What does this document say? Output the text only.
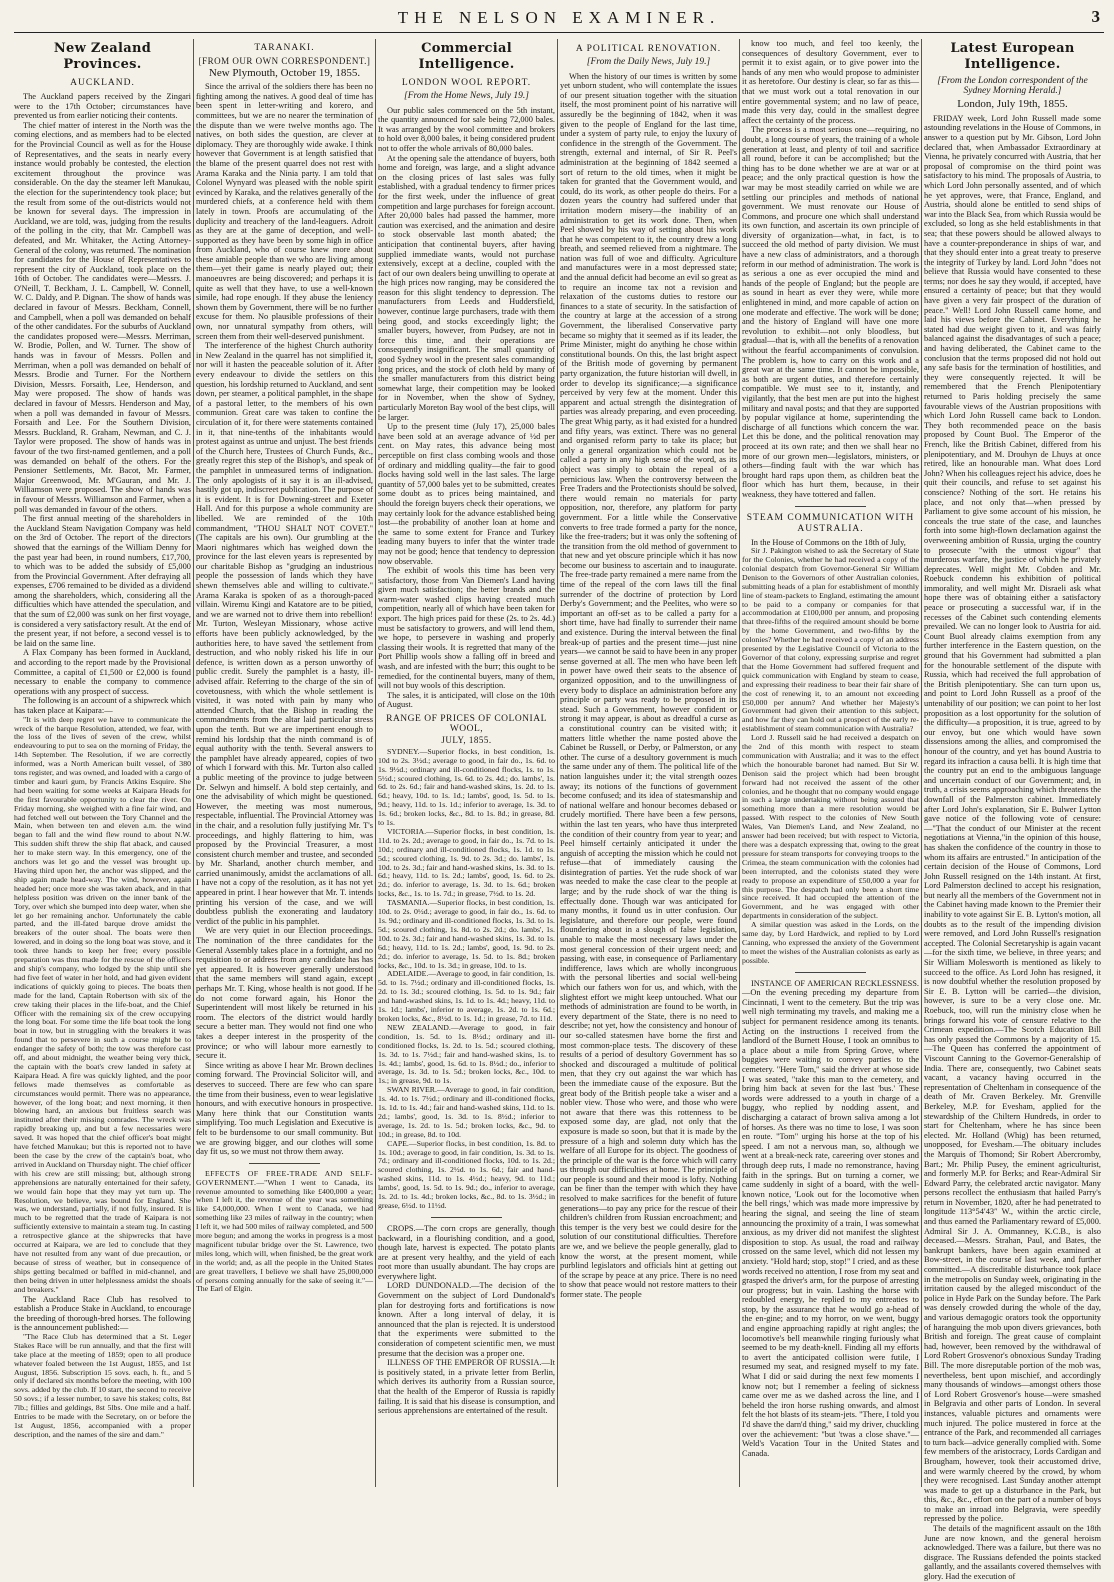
THE NELSON EXAMINER.	3
New Zealand Provinces.
AUCKLAND.

The Auckland papers received by the Zingari were to the 17th October; circumstances have prevented us from earlier noticing their contents.

The chief matter of interest in the North was the coming elections, and as members had to be elected for the Provincial Council as well as for the House of Representatives, and the seats in nearly every instance would probably be contested, the election excitement throughout the province was considerable. On the day the steamer left Manukau, the election for the superintendency took place; but the result from some of the out-districts would not be known for several days. The impression in Auckland, we are told, was, judging from the results of the polling in the city, that Mr. Campbell was defeated, and Mr. Whitaker, the Acting Attorney-General of the colony, was returned. The nomination for candidates for the House of Representatives to represent the city of Auckland, took place on the 16th of October. The candidates were—Messrs. J. O'Neill, T. Beckham, J. L. Campbell, W. Connell, W. C. Daldy, and P. Dignan. The show of hands was declared in favour of Messrs. Beckham, Connell, and Campbell, when a poll was demanded on behalf of the other candidates. For the suburbs of Auckland the candidates proposed were—Messrs. Merriman, W. Brodie, Pollen, and W. Turner. The show of hands was in favour of Messrs. Pollen and Merriman, when a poll was demanded on behalf of Messrs. Brodie and Turner. For the Northern Division, Messrs. Forsaith, Lee, Henderson, and May were proposed. The show of hands was declared in favour of Messrs. Henderson and May, when a poll was demanded in favour of Messrs. Forsaith and Lee. For the Southern Division, Messrs. Buckland, R. Graham, Newman, and C. J. Taylor were proposed. The show of hands was in favour of the two first-named gentlemen, and a poll was demanded on behalf of the others. For the Pensioner Settlements, Mr. Bacot, Mr. Farmer, Major Greenwood, Mr. M'Gauran, and Mr. J. Williamson were proposed. The show of hands was in favour of Messrs. Williamson and Farmer, when a poll was demanded in favour of the others.

The first annual meeting of the shareholders in the Auckland Steam Navigation Company was held on the 3rd of October. The report of the directors showed that the earnings of the William Denny for the past year had been, in round numbers, £17,700, to which was to be added the subsidy of £5,000 from the Provincial Government. After defraying all expenses, £706 remained to be divided as a dividend among the shareholders, which, considering all the difficulties which have attended the speculation, and that the sum of £2,000 was sunk on her first voyage, is considered a very satisfactory result. At the end of the present year, if not before, a second vessel is to be laid on the same line.

A Flax Company has been formed in Auckland, and according to the report made by the Provisional Committee, a capital of £1,500 or £2,000 is found necessary to enable the company to commence operations with any prospect of success.

The following is an account of a shipwreck which has taken place at Kaipara:—

"It is with deep regret we have to communicate the wreck of the barque Resolution, attended, we fear, with the loss of the lives of seven of the crew, whilst endeavouring to put to sea on the morning of Friday, the 14th September. The Resolution, if we are correctly informed, was a North American built vessel, of 380 tons register, and was owned, and loaded with a cargo of timber and kauri gum, by Francis Atkins Esquire. She had been waiting for some weeks at Kaipara Heads for the first favourable opportunity to clear the river. On Friday morning, she weighed with a fine fair wind, and had fetched well out between the Tory Channel and the Main, when between ten and eleven a.m. the wind began to fall and the wind flew round to about N.W. This sudden shift threw the ship flat aback, and caused her to make stern way. In this emergency, one of the anchors was let go and the vessel was brought up. Having third upon her, the anchor was slipped, and the ship again made head-way. The wind, however, again headed her; once more she was taken aback, and in that helpless position was driven on the inner bank of the Tory, over which she bumped into deep water, when she let go her remaining anchor. Unfortunately the cable parted, and the ill-fated barque drove amidst the breakers of the outer shoal. The boats were then lowered, and in doing so the long boat was stove, and it took three hands to keep her free; every possible preparation was thus made for the rescue of the officers and ship's company, who lodged by the ship until she had five feet of water in her hold, and had given evident indications of quickly going to pieces. The boats then made for the land, Captain Robertson with six of the crew taking their places in the life-boat, and the Chief Officer with the remaining six of the crew occupying the long boat. For some time the life boat took the long boat in tow, but in struggling with the breakers it was found that to persevere in such a course might be to endanger the safety of both; the tow was therefore cast off, and about midnight, the weather being very thick, the captain with the boat's crew landed in safety at Kaipara Head. A fire was quickly lighted, and the poor fellows made themselves as comfortable as circumstances would permit. There was no appearance, however, of the long boat; and next morning, it then blowing hard, an anxious but fruitless search was instituted after their missing comrades. The wreck was rapidly breaking up, and but a few necessaries were saved. It was hoped that the chief officer's boat might have fetched Manukau; but this is reported not to have been the case by the crew of the captain's boat, who arrived in Auckland on Thursday night. The chief officer with his crew are still missing; but, although strong apprehensions are naturally entertained for their safety, we would fain hope that they may yet turn up. The Resolution, we believe, was bound for England. She was, we understand, partially, if not fully, insured. It is much to be regretted that the trade of Kaipara is not sufficiently extensive to maintain a steam tug. In casting a retrospective glance at the shipwrecks that have occurred at Kaipara, we are led to conclude that they have not resulted from any want of due precaution, or because of stress of weather, but in consequence of ships getting becalmed or baffled in mid-channel, and then being driven in utter helplessness amidst the shoals and breakers."

The Auckland Race Club has resolved to establish a Produce Stake in Auckland, to encourage the breeding of thorough-bred horses. The following is the announcement published:—

"The Race Club has determined that a St. Leger Stakes Race will be run annually, and that the first will take place at the meeting of 1859; open to all produce whatever foaled between the 1st August, 1855, and 1st August, 1856. Subscription 15 sovs. each, h. ft., and 5 only if declared six months before the meeting, with 100 sovs. added by the club. If 10 start, the second to receive 50 sovs.; if a lesser number, to save his stakes; colts, 8st 7lb.; fillies and geldings, 8st 5lbs. One mile and a half. Entries to be made with the Secretary, on or before the 1st August, 1856, accompanied with a proper description, and the names of the sire and dam."

TARANAKI.
[FROM OUR OWN CORRESPONDENT.]
New Plymouth, October 19, 1855.

Since the arrival of the soldiers there has been no fighting among the natives. A good deal of time has been spent in letter-writing and korero, and committees, but we are no nearer the termination of the dispute than we were twelve months ago. The natives, on both sides the question, are clever at diplomacy. They are thoroughly wide awake. I think however that Government is at length satisfied that the blame of the present quarrel does not rest with Arama Karaka and the Ninia party. I am told that Colonel Wynyard was pleased with the noble spirit evinced by Karaka, and the relatives generally of the murdered chiefs, at a conference held with them lately in town. Proofs are accumulating of the duplicity and treachery of the land-leaguers. Adroit as they are at the game of deception, and well-supported as they have been by some high in office from Auckland, who of course knew more about these amiable people than we who are living among them—yet their game is nearly played out; their manoeuvres are being discovered; and perhaps it is quite as well that they have, to use a well-known simile, had rope enough. If they abuse the leniency shown them by Government, there will be no further excuse for them. No plausible professions of their own, nor unnatural sympathy from others, will screen them from their well-deserved punishment.

The interference of the highest Church authority in New Zealand in the quarrel has not simplified it, nor will it hasten the peaceable solution of it. After every endeavour to divide the settlers on this question, his lordship returned to Auckland, and sent down, per steamer, a political pamphlet, in the shape of a pastoral letter, to the members of his own communion. Great care was taken to confine the circulation of it, for there were statements contained in it, that nine-tenths of the inhabitants would protest against as untrue and unjust. The best friends of the Church here, Trustees of Church Funds, &c., greatly regret this step of the Bishop's, and speak of the pamphlet in unmeasured terms of indignation. The only apologists of it say it is an ill-advised, hastily got up, indiscreet publication. The purpose of it is evident. It is for Downing-street and Exeter Hall. And for this purpose a whole community are libelled. We are reminded of the 10th commandment, "THOU SHALT NOT COVET." (The capitals are his own). Our grumbling at the Maori nightmares which has weighed down the province for the last eleven years is represented by our charitable Bishop as "grudging an industrious people the possession of lands which they have shewn themselves able and willing to cultivate." Arama Karaka is spoken of as a thorough-paced villain. Wiremu Kingi and Katatore are to be pitied, and we are warned not to drive them into rebellion! Mr. Turton, Wesleyan Missionary, whose active efforts have been publicly acknowledged, by the authorities here, to have saved 'the settlement from destruction, and who nobly risked his life in our defence, is written down as a person unworthy of public credit. Surely the pamphlet is a hasty, ill-advised affair. Referring to the charge of the sin of covetousness, with which the whole settlement is visited, it was noted with pain by many who attended Church, that the Bishop in reading the commandments from the altar laid particular stress upon the tenth. But we are impertinent enough to remind his lordship that the ninth command is of equal authority with the tenth. Several answers to the pamphlet have already appeared, copies of two of which I forward with this. Mr. Turton also called a public meeting of the province to judge between Dr. Selwyn and himself. A bold step certainly, and one the advisability of which might be questioned. However, the meeting was most numerous, respectable, influential. The Provincial Attorney was in the chair, and a resolution fully justifying Mr. T's proceedings, and highly flattering to him, was proposed by the Provincial Treasurer, a most consistent church member and trustee, and seconded by Mr. Sharland, another church member, and carried unanimously, amidst the acclamations of all. I have not a copy of the resolution, as it has not yet appeared in print. I hear however that Mr. T. intends printing his version of the case, and we will doubtless publish the exonerating and laudatory verdict of the public in his pamphlet.

We are very quiet in our Election proceedings. The nomination of the three candidates for the General Assembly takes place in a fortnight, and no requisition to or address from any candidate has has yet appeared. It is however generally understood that the same members will stand again, except perhaps Mr. T. King, whose health is not good. If he do not come forward again, his Honor the Superintendent will most likely be returned in his room. The electors of the district would hardly secure a better man. They would not find one who takes a deeper interest in the prosperity of the province; or who will labour more earnestly to secure it.

Since writing as above I hear Mr. Brown declines coming forward. The Provincial Solicitor will, and deserves to succeed. There are few who can spare the time from their business, even to wear legislative honours, and with executive honours in prospective. Many here think that our Constitution wants simplifying. Too much Legislation and Executive is felt to be burdensome to our small community. But we are growing bigger, and our clothes will some day fit us, so we must not throw them away.

EFFECTS OF FREE-TRADE AND SELF-GOVERNMENT.—"When I went to Canada, its revenue amounted to something like £400,000 a year; when I left it, the revenue of the year was something like £4,000,000. When I went to Canada, we had something like 23 miles of railway in the country; when I left it, we had 500 miles of railway completed, and 500 more begun; and among the works in progress is a most magnificent tubular bridge over the St. Lawrence, two miles long, which will, when finished, be the great work in the world; and, as all the people in the United States are great travellers, I believe we shall have 25,000,000 of persons coming annually for the sake of seeing it."—The Earl of Elgin.

Commercial Intelligence.
LONDON WOOL REPORT.
[From the Home News, July 19.]

Our public sales commenced on the 5th instant, the quantity announced for sale being 72,000 bales. It was arranged by the wool committee and brokers to hold over 8,000 bales, it being considered prudent not to offer the whole arrivals of 80,000 bales.

At the opening sale the attendance of buyers, both home and foreign, was large, and a slight advance on the closing prices of last sales was fully established, with a gradual tendency to firmer prices for the first week, under the influence of great competition and large purchases for foreign account. After 20,000 bales had passed the hammer, more caution was exercised, and the animation and desire to stock observable last month abated; the anticipation that continental buyers, after having supplied immediate wants, would not purchase extensively, except at a decline, coupled with the fact of our own dealers being unwilling to operate at the high prices now ranging, may be considered the reason for this slight tendency to depression. The manufacturers from Leeds and Huddersfield, however, continue large purchasers, trade with them being good, and stocks exceedingly light; the smaller buyers, however, from Pudsey, are not in force this time, and their operations are consequently insignificant. The small quantity of good Sydney wool in the present sales commanding long prices, and the stock of cloth held by many of the smaller manufacturers from this district being somewhat large, their competition may be looked for in November, when the show of Sydney, particularly Moreton Bay wool of the best clips, will be larger.

Up to the present time (July 17), 25,000 bales have been sold at an average advance of ½d per cent. on May rates, this advance being most perceptible on first class combing wools and those of ordinary and middling quality—the fair to good flocks having sold well in the last sales. The large quantity of 57,000 bales yet to be submitted, creates some doubt as to prices being maintained, and should the foreign buyers check their operations, we may certainly look for the advance established being lost—the probability of another loan at home and the same to some extent for France and Turkey leading many buyers to infer that the winter trade may not be good; hence that tendency to depression now observable.

The exhibit of wools this time has been very satisfactory, those from Van Diemen's Land having given much satisfaction; the better brands and the warm-water washed clips having created much competition, nearly all of which have been taken for export. The high prices paid for these (2s. to 2s. 4d.) must be satisfactory to growers, and will lend them, we hope, to persevere in washing and properly classing their wools. It is regretted that many of the Port Phillip wools show a falling off in breed and wash, and are infested with the burr; this ought to be remedied, for the continental buyers, many of them, will not buy wools of this description.

The sales, it is anticipated, will close on the 10th of August.

RANGE OF PRICES OF COLONIAL WOOL,
JULY, 1855.

SYDNEY.—Superior flocks, in best condition, 1s. 10d to 2s. 3½d.; average to good, in fair do., 1s. 6d. to 1s. 9½d.; ordinary and ill-conditioned flocks, 1s. to 1s. 5½d.; scoured clothing, 1s. 6d. to 2s. 4d.; do. lambs', 1s. 6d. to 2s. 6d.; fair and hand-washed skins, 1s. 2d. to 1s. 6d.; heavy, 10d. to 1s. 1d.; lambs', good, 1s. 5d. to 1s. 9d.; heavy, 11d. to 1s. 1d.; inferior to average, 1s. 3d. to 1s. 6d.; broken locks, &c., 8d. to 1s. 8d.; in grease, 8d. to 1s.

VICTORIA.—Superior flocks, in best condition, 1s. 11d. to 2s. 2d.; average to good, in fair do., 1s. 7d. to 1s. 10d.; ordinary and ill-conditioned flocks, 1s. 1d. to 1s. 5d.; scoured clothing, 1s. 9d. to 2s. 3d.; do. lambs', 1s. 10d. to 2s. 3d.; fair and hand-washed skins, 1s. 3d. to 1s. 6d.; heavy, 11d. to 1s. 2d.; lambs', good, 1s. 6d. to 2s. 2d.; do. inferior to average, 1s. 3d. to 1s. 6d.; broken locks, &c., 1s. to 1s. 7d.; in grease, 7½d. to 1s. 2d.

TASMANIA.—Superior flocks, in best condition, 1s. 10d. to 2s. 0½d.; average to good, in fair do., 1s. 6d. to 1s. 9d.; ordinary and ill-conditioned flocks, 1s. 3d. to 1s. 5d.; scoured clothing, 1s. 8d. to 2s. 2d.; do. lambs', 1s. 10d. to 2s. 3d.; fair and hand-washed skins, 1s. 3d. to 1s. 6d.; heavy, 11d. to 1s. 2d.; lambs', good, 1s. 9d. to 2s. 2d.; do. inferior to average, 1s. 5d. to 1s. 8d.; broken locks, &c., 10d. to 1s. 3d.; in grease, 10d. to 1s.

ADELAIDE.—Average to good, in fair condition, 1s. 5d. to 1s. 7½d.; ordinary and ill-conditioned flocks, 1s. 2d. to 1s. 3d.; scoured clothing, 1s. 5d. to 1s. 9d.; fair and hand-washed skins, 1s. 1d. to 1s. 4d.; heavy, 11d. to 1s. 1d.; lambs', inferior to average, 1s. 2d. to 1s. 6d.; broken locks, &c., 8½d. to 1s. 1d.; in grease, 7d. to 11d.

NEW ZEALAND.—Average to good, in fair condition, 1s. 5d. to 1s. 8½d.; ordinary and ill-conditioned flocks, 1s. 2d. to 1s. 5d.; scoured clothing, 1s. 3d. to 1s. 7½d.; fair and hand-washed skins, 1s. to 1s. 4d.; lambs', good, 1s. 6d. to 1s. 8½d.; do., inferior to average, 1s. 3d. to 1s. 5d.; broken locks, &c., 10d. to 1s.; in grease, 9d. to 1s.

SWAN RIVER.—Average to good, in fair condition, 1s. 4d. to 1s. 7½d.; ordinary and ill-conditioned flocks, 1s. 1d. to 1s. 4d.; fair and hand-washed skins, 11d. to 1s. 2d.; lambs', good, 1s. 3d. to 1s. 8½d.; inferior to average, 1s. 2d. to 1s. 5d.; broken locks, &c., 9d. to 10d.; in grease, 8d. to 10d.

CAPE.—Superior flocks, in best condition, 1s. 8d. to 1s. 10d.; average to good, in fair condition, 1s. 3d. to 1s. 7d.; ordinary and ill-conditioned flocks, 10d. to 1s. 2d.; scoured clothing, 1s. 2½d. to 1s. 6d.; fair and hand-washed skins, 11d. to 1s. 4½d.; heavy, 9d. to 11d.; lambs', good, 1s. 5d. to 1s. 9d.; do., inferior to average, 1s. 2d. to 1s. 4d.; broken locks, &c., 8d. to 1s. 3½d.; in grease, 6½d. to 11½d.

CROPS.—The corn crops are generally, though backward, in a flourishing condition, and a good, though late, harvest is expected. The potato plants are at present very healthy, and the yield of each root more than usually abundant. The hay crops are everywhere light.

LORD DUNDONALD.—The decision of the Government on the subject of Lord Dundonald's plan for destroying forts and fortifications is now known. After a long interval of delay, it is announced that the plan is rejected. It is understood that the experiments were submitted to the consideration of competent scientific men, we must presume that the decision was a proper one.

ILLNESS OF THE EMPEROR OF RUSSIA.—It is positively stated, in a private letter from Berlin, which derives its authority from a Russian source, that the health of the Emperor of Russia is rapidly failing. It is said that his disease is consumption, and serious apprehensions are entertained of the result.

A POLITICAL RENOVATION.
[From the Daily News, July 19.]

When the history of our times is written by some yet unborn student, who will contemplate the issues of our present situation together with the situation itself, the most prominent point of his narrative will assuredly be the beginning of 1842, when it was given to the people of England for the last time, under a system of party rule, to enjoy the luxury of confidence in the strength of the Government. The strength, external and internal, of Sir R. Peel's administration at the beginning of 1842 seemed a sort of return to the old times, when it might be taken for granted that the Government would, and could, do its work, as other people do theirs. For a dozen years the country had suffered under that irritation modern misery—the inability of an administration to get its work done. Then, when Peel showed by his way of setting about his work that he was competent to it, the country drew a long breath, and seemed relieved from a nightmare. The nation was full of woe and difficulty. Agriculture and manufactures were in a most depressed state; and the annual deficit had become an evil so great as to require an income tax not a revision and relaxation of the customs duties to restore our finances to a state of security. In the satisfaction of the country at large at the accession of a strong Government, the liberalised Conservative party became so mighty that it seemed as if its leader, the Prime Minister, might do anything he chose within constitutional bounds. On this, the last bright aspect of the British mode of governing by permanent party organization, the future historian will dwell, in order to develop its significance;—a significance perceived by very few at the moment. Under this apparent and actual strength the disintegration of parties was already preparing, and even proceeding. The great Whig party, as it had existed for a hundred and fifty years, was extinct. There was no general and organised reform party to take its place; but only a general organization which could not be called a party in any high sense of the word, as its object was simply to obtain the repeal of a pernicious law. When the controversy between the Free Traders and the Protectionists should be solved, there would remain no materials for party opposition, nor, therefore, any platform for party government. For a little while the Conservative converts to free trade formed a party for the nonce, like the free-traders; but it was only the softening of the transition from the old method of government to that new and yet obscure principle which it has now become our business to ascertain and to inaugurate. The free-trade party remained a mere name from the time of the repeal of the corn laws till the final surrender of the doctrine of protection by Lord Derby's Government; and the Peelites, who were so important an off-set as to be called a party for a short time, have had finally to surrender their name and existence. During the interval between the final break-up of parties and the present time—just nine years—we cannot be said to have been in any proper sense governed at all. The men who have been left in power have owed their seats to the absence of organized opposition, and to the unwillingness of every body to displace an administration before any principle or party was ready to be proposed in its stead. Such a Government, however confident or strong it may appear, is about as dreadful a curse as a constitutional country can be visited with; it matters little whether the name posted above the Cabinet be Russell, or Derby, or Palmerston, or any other. The curse of a desultory government is much the same under any of them. The political life of the nation languishes under it; the vital strength oozes away; its notions of the functions of government become confused; and its idea of statesmanship and of national welfare and honour becomes debased or crudely mortified. There have been a few persons, within the last ten years, who have thus interpreted the condition of their country from year to year; and Peel himself certainly anticipated it under the anguish of accepting the mission which he could not refuse—that of immediately causing the disintegration of parties. Yet the rude shock of war was needed to make the case clear to the people at large; and by the rude shock of war the thing is effectually done. Though war was anticipated for many months, it found us in utter confusion. Our legislature, and therefore our people, were found floundering about in a slough of false legislation, unable to make the most necessary laws under the most general concession of their urgent need; and passing, with ease, in consequence of Parliamentary indifference, laws which are wholly incongruous with the personal liberties and social well-being which our fathers won for us, and which, with the slightest effort we might keep untouched. What our methods of administration are found to be worth, in every department of the State, there is no need to describe; not yet, how the consistency and honour of our so-called statesmen have borne the first and most common-place tests. The discovery of these results of a period of desultory Government has so shocked and discouraged a multitude of political men, that they cry out against the war which has been the immediate cause of the exposure. But the great body of the British people take a wiser and a nobler view. Those who were, and those who were not aware that there was this rottenness to be exposed some day, are glad, not only that the exposure is made so soon, but that it is made by the pressure of a high and solemn duty which has the welfare of all Europe for its object. The goodness of the principle of the war is the force which will carry us through our difficulties at home. The principle of our people is sound and their mood is lofty. Nothing can be finer than the temper with which they have resolved to make sacrifices for the benefit of future generations—to pay any price for the rescue of their children's children from Russian encroachment; and this temper is the very best we could desire for the solution of our constitutional difficulties. Therefore are we, and we believe the people generally, glad to know the worst, at the present moment, while purblind legislators and officials hint at getting out of the scrape by peace at any price. There is no need to show that peace would not restore matters to their former state. The people

know too much, and feel too keenly, the consequences of desultory Government, ever to permit it to exist again, or to give power into the hands of any men who would propose to administer it as heretofore. Our destiny is clear, so far as this—that we must work out a total renovation in our entire governmental system; and no law of peace, made this very day, could in the smallest degree affect the certainty of the process.

The process is a most serious one—requiring, no doubt, a long course of years, the training of a whole generation at least, and plenty of toil and sacrifice all round, before it can be accomplished; but the thing has to be done whether we are at war or at peace; and the only practical question is how the war may be most steadily carried on while we are settling our principles and methods of national government. We must renovate our House of Commons, and procure one which shall understand its own function, and ascertain its own principle of diversity of organization—what, in fact, is to succeed the old method of party division. We must have a new class of administrators, and a thorough reform in our method of administration. The work is as serious a one as ever occupied the mind and hands of the people of England; but the people are as sound in heart as ever they were, while more enlightened in mind, and more capable of action on one moderate and effective. The work will be done; and the history of England will have one more revolution to exhibit—not only bloodless, but gradual—that is, with all the benefits of a renovation without the fearful accompaniments of convulsion. The problem is, how to carry on this work and a great war at the same time. It cannot be impossible, as both are urgent duties, and therefore certainly compatible. We must see to it, instantly, and vigilantly, that the best men are put into the highest military and naval posts; and that they are supported by popular vigilance at home, superintending the discharge of all functions which concern the war. Let this be done, and the political renovation may proceed at its own rate; and then we shall hear no more of our grown men—legislators, ministers, or others—finding fault with the war which has brought hard raps upon them, as children beat the floor which has hurt them, because, in their weakness, they have tottered and fallen.

STEAM COMMUNICATION WITH AUSTRALIA.

In the House of Commons on the 18th of July,

Sir J. Pakington wished to ask the Secretary of State for the Colonies, whether he had received a copy of the colonial despatch from Governor-General Sir William Denison to the Governors of other Australian colonies, submitting heads of a plan for establishment of monthly line of steam-packets to England, estimating the amount to be paid to a company or companies for that accommodation at £100,000 per annum, and proposing that three-fifths of the required amount should be borne by the home Government, and two-fifths by the colonies? Whether he had received a copy of an address presented by the Legislative Council of Victoria to the Governor of that colony, expressing surprise and regret that the Home Government had suffered frequent and quick communication with England by steam to cease, and expressing their readiness to bear their fair share of the cost of renewing it, to an amount not exceeding £50,000 per annum? And whether her Majesty's Government had given their attention to this subject, and how far they can hold out a prospect of the early re-establishment of steam communication with Australia?

Lord J. Russell said he had received a despatch on the 2nd of this month with respect to steam communication with Australia; and it was to the effect which the honourable baronet had named. But Sir W. Denison said the project which had been brought forward had not received the assent of the other colonies, and he thought that no company would engage in such a large undertaking without being assured that something more than a mere resolution would be passed. With respect to the colonies of New South Wales, Van Diemen's Land, and New Zealand, no answer had been received; but with respect to Victoria, there was a despatch expressing that, owing to the great pressure for steam transports for conveying troops to the Crimea, the steam communication with the colonies had been interrupted, and the colonists stated they were ready to propose an expenditure of £50,000 a year for this purpose. The despatch had only been a short time since received. It had occupied the attention of the Government, and he was engaged with other departments in consideration of the subject.

A similar question was asked in the Lords, on the same day, by Lord Hardwick, and replied to by Lord Canning, who expressed the anxiety of the Government to meet the wishes of the Australian colonists as early as possible.

INSTANCE OF AMERICAN RECKLESSNESS.—On the evening preceding my departure from Cincinnati, I went to the cemetery. But the trip was well nigh terminating my travels, and making me a subject for permanent residence among its tenants. Acting on the instructions I received from the landlord of the Burnett House, I took an omnibus to a place about a mile from Spring Grove, where buggies were waiting to convey parties to the cemetery. "Here Tom," said the driver at whose side I was seated, "take this man to the cemetery, and bring him back at seven for the last 'bus.' These words were addressed to a youth in charge of a buggy, who replied by nodding assent, and discharging a cataract of brown saliva among a lot of horses. As there was no time to lose, I was soon en route. "Tom" urging his horse at the top of his speed. I am not a nervous man, so, although we went at a break-neck rate, careering over stones and through deep ruts, I made no remonstrance, having faith in the springs. But on turning a corner, we came suddenly in sight of a board, with the well-known notice, 'Look out for the locomotive when the bell rings,' which was made more impressive by hearing the signal, and seeing the line of steam announcing the proximity of a train, I was somewhat anxious, as my driver did not manifest the slightest disposition to stop. As usual, the road and railway crossed on the same level, which did not lessen my anxiety. "Hold hard; stop, stop!" I cried, and as these words received no attention, I rose from my seat and grasped the driver's arm, for the purpose of arresting our progress; but in vain. Lashing the horse with redoubled energy, he replied to my entreaties to stop, by the assurance that he would go a-head of the en-gine; and to my horror, on we went, buggy and engine approaching rapidly at right angles; the locomotive's bell meanwhile ringing furiously what seemed to be my death-knell. Finding all my efforts to avert the anticipated collision were futile, I resumed my seat, and resigned myself to my fate. What I did or said during the next few moments I know not; but I remember a feeling of sickness came over me as we dashed across the line, and I beheld the iron horse rushing onwards, and almost felt the hot blasts of its steam-jets. "There, I told you I'd shave the darn'd thing," said my driver, chuckling over the achievement: "but 'twas a close shave."—Weld's Vacation Tour in the United States and Canada.

Latest European Intelligence.
[From the London correspondent of the Sydney Morning Herald.]
London, July 19th, 1855.

FRIDAY week, Lord John Russell made some astounding revelations in the House of Commons, in answer to a question put by Mr. Gibson, Lord John declared that, when Ambassador Extraordinary at Vienna, he privately concurred with Austria, that her proposal of compromise on the third point was satisfactory to his mind. The proposals of Austria, to which Lord John personally assented, and of which he yet approves, were, that France, England, and Austria, should alone be entitled to send ships of war into the Black Sea, from which Russia would be excluded, so long as she held establishments in that sea; that these powers should be allowed always to have a counter-preponderance in ships of war, and that they should enter into a great treaty to preserve the integrity of Turkey by land. Lord John "does not believe that Russia would have consented to these terms; nor does he say they would, if accepted, have ensured a certainty of peace; but that they would have given a very fair prospect of the duration of peace." Well! Lord John Russell came home, and laid his views before the Cabinet. Everything he stated had due weight given to it, and was fairly balanced against the disadvantages of such a peace; and having deliberated, the Cabinet came to the conclusion that the terms proposed did not hold out any safe basis for the termination of hostilities, and they were consequently rejected. It will be remembered that the French Plenipotentiary returned to Paris holding precisely the same favourable views of the Austrian propositions with which Lord John Russell came back to London. They both recommended peace on the basis proposed by Count Buol. The Emperor of the French, like the British Cabinet, differed from his plenipotentiary, and M. Drouhyn de Lhuys at once retired, like an honourable man. What does Lord John? When his colleagues reject his advice, does he quit their councils, and refuse to set against his conscience? Nothing of the sort. He retains his place, and not only that—when pressed by Parliament to give some account of his mission, he conceals the true state of the case, and launches forth into some high-flown declamation against the overweening ambition of Russia, urging the country to prosecute "with the utmost vigour" that murderous warfare, the justice of which he privately deprecates. Well might Mr. Cobden and Mr. Roebuck condemn his exhibition of political immorality, and well might Mr. Disraeli ask what hope there was of obtaining either a satisfactory peace or prosecuting a successful war, if in the recesses of the Cabinet such contending elements prevailed. We can no longer look to Austria for aid. Count Buol already claims exemption from any further interference in the Eastern question, on the ground that his Government had submitted a plan for the honourable settlement of the dispute with Russia, which had received the full approbation of the British plenipotentiary. She can turn upon us, and point to Lord John Russell as a proof of the untenability of our position; we can point to her lost proposition as a lost opportunity for the solution of the difficulty—a proposition, it is true, agreed to by our envoy, but one which would have sown dissensions among the allies, and compromised the honour of the country, and yet has bound Austria to regard its infraction a causa belli. It is high time that the country put an end to the ambiguous language and uncertain conduct of our Government; and, in truth, a crisis seems approaching which threatens the downfall of the Palmerston cabinet. Immediately after Lord John's explanation, Sir E. Bulwer Lytton gave notice of the following vote of censure:—"That the conduct of our Minister at the recent negotiations at Vienna,"in the opinion of this house, has shaken the confidence of the country in those to whom its affairs are entrusted." In anticipation of the certain decision of the House of Commons, Lord John Russell resigned on the 14th instant. At first, Lord Palmerston declined to accept his resignation, but nearly all the members of the Government not in the Cabinet having made known to the Premier their inability to vote against Sir E. B. Lytton's motion, all doubts as to the result of the impending division were removed, and Lord John Russell's resignation accepted. The Colonial Secretaryship is again vacant—for the sixth time, we believe, in three years; and Sir William Molesworth is mentioned as likely to succeed to the office. As Lord John has resigned, it is now doubtful whether the resolution proposed by Sir E. B. Lytton will be carried—the division, however, is sure to be a very close one. Mr. Roebuck, too, will run the ministry close when he brings forward his vote of censure relative to the Crimean expedition.—The Scotch Education Bill has only passed the Commons by a majority of 15.—The Queen has conferred the appointment of Viscount Canning to the Governor-Generalship of India. There are, consequently, two Cabinet seats vacant, a vacancy having occurred in the representation of Cheltenham in consequence of the death of Mr. Craven Berkeley. Mr. Grenville Berkeley, M.P. for Evesham, applied for the stewardship of the Chiltern Hundreds, in order to start for Cheltenham, where he has since been elected. Mr. Holland (Whig) has been returned, unopposed, for Evesham.—The obituary includes the Marquis of Thomond; Sir Robert Abercromby, Bart.; Mr. Philip Pusey, the eminent agriculturist, and formerly M.P. for Berks; and Rear-Admiral Sir Edward Parry, the celebrated arctic navigator. Many persons recollect the enthusiasm that hailed Parry's return in November, 1820, after he had penetrated to longitude 113°54′43″ W., within the arctic circle, and thus earned the Parliamentary reward of £5,000. Admiral Sir J. A. Ommanney, K.C.B., is also deceased.—Messrs. Strahan, Paul, and Bates, the bankrupt bankers, have been again examined at Bow-street, in the course of last week, and further committed.—A discreditable disturbance took place in the metropolis on Sunday week, originating in the irritation caused by the alleged misconduct of the police in Hyde Park on the Sunday before. The Park was densely crowded during the whole of the day, and various demagogic orators took the opportunity of haranguing the mob upon divers grievances, both British and foreign. The great cause of complaint had, however, been removed by the withdrawal of Lord Robert Grosvenor's obnoxious Sunday Trading Bill. The more disreputable portion of the mob was, nevertheless, bent upon mischief, and accordingly many thousands of windows—amongst others those of Lord Robert Grosvenor's house—were smashed in Belgravia and other parts of London. In several instances, valuable pictures and ornaments were much injured. The police mustered in force at the entrance of the Park, and recommended all carriages to turn back—advice generally complied with. Some few members of the aristocracy, Lords Cardigan and Brougham, however, took their accustomed drive, and were warmly cheered by the crowd, by whom they were recognised. Last Sunday another attempt was made to get up a disturbance in the Park, but this, &c., &c., effort on the part of a number of boys to make an inroad into Belgravia, were speedily repressed by the police.

The details of the magnificent assault on the 18th June are now known, and the general heroism acknowledged. There was a failure, but there was no disgrace. The Russians defended the points stacked gallantly, and the assailants covered themselves with glory. Had the execution of
